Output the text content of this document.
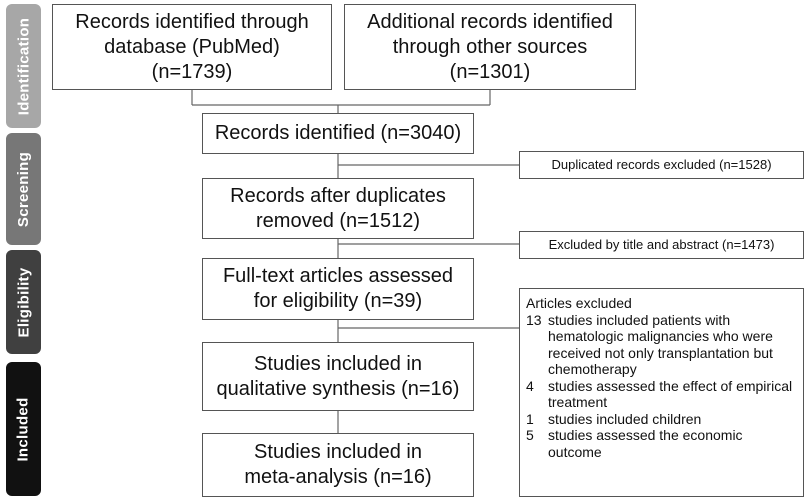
Identification
Screening
Eligibility
Included
Records identified through
database (PubMed)
(n=1739)
Additional records identified
through other sources
(n=1301)
Records identified (n=3040)
Duplicated records excluded (n=1528)
Records after duplicates
removed (n=1512)
Excluded by title and abstract (n=1473)
Full-text articles assessed
for eligibility (n=39)	Articles excluded
13 studies included patients with hematologic malignancies who were received not only transplantation but chemotherapy
4	studies assessed the effect of empirical treatment
1	studies included children
5	studies assessed the economic outcome
Studies included in
qualitative synthesis (n=16)
Studies included in
meta-analysis (n=16)
